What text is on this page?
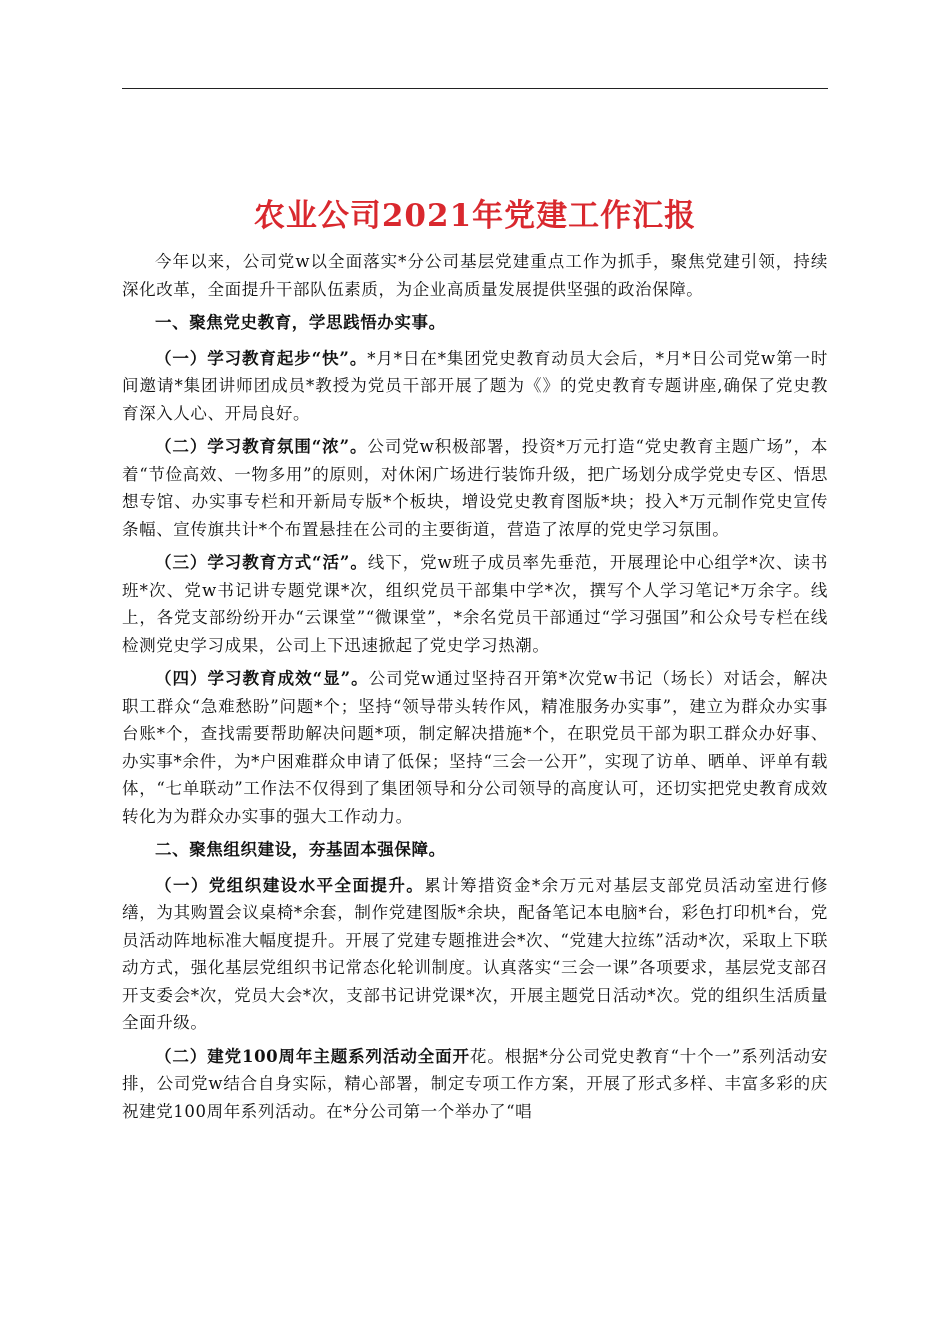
农业公司2021年党建工作汇报

今年以来，公司党w以全面落实*分公司基层党建重点工作为抓手，聚焦党建引领，持续深化改革，全面提升干部队伍素质，为企业高质量发展提供坚强的政治保障。

一、聚焦党史教育，学思践悟办实事。

（一）学习教育起步“快”。*月*日在*集团党史教育动员大会后，*月*日公司党w第一时间邀请*集团讲师团成员*教授为党员干部开展了题为《》的党史教育专题讲座,确保了党史教育深入人心、开局良好。

（二）学习教育氛围“浓”。公司党w积极部署，投资*万元打造“党史教育主题广场”，本着“节俭高效、一物多用”的原则，对休闲广场进行装饰升级，把广场划分成学党史专区、悟思想专馆、办实事专栏和开新局专版*个板块，增设党史教育图版*块；投入*万元制作党史宣传条幅、宣传旗共计*个布置悬挂在公司的主要街道，营造了浓厚的党史学习氛围。

（三）学习教育方式“活”。线下，党w班子成员率先垂范，开展理论中心组学*次、读书班*次、党w书记讲专题党课*次，组织党员干部集中学*次，撰写个人学习笔记*万余字。线上，各党支部纷纷开办“云课堂”“微课堂”，*余名党员干部通过“学习强国”和公众号专栏在线检测党史学习成果，公司上下迅速掀起了党史学习热潮。

（四）学习教育成效“显”。公司党w通过坚持召开第*次党w书记（场长）对话会，解决职工群众“急难愁盼”问题*个；坚持“领导带头转作风，精准服务办实事”，建立为群众办实事台账*个，查找需要帮助解决问题*项，制定解决措施*个，在职党员干部为职工群众办好事、办实事*余件，为*户困难群众申请了低保；坚持“三会一公开”，实现了访单、晒单、评单有载体，“七单联动”工作法不仅得到了集团领导和分公司领导的高度认可，还切实把党史教育成效转化为为群众办实事的强大工作动力。

二、聚焦组织建设，夯基固本强保障。

（一）党组织建设水平全面提升。累计筹措资金*余万元对基层支部党员活动室进行修缮，为其购置会议桌椅*余套，制作党建图版*余块，配备笔记本电脑*台，彩色打印机*台，党员活动阵地标准大幅度提升。开展了党建专题推进会*次、“党建大拉练”活动*次，采取上下联动方式，强化基层党组织书记常态化轮训制度。认真落实“三会一课”各项要求，基层党支部召开支委会*次，党员大会*次，支部书记讲党课*次，开展主题党日活动*次。党的组织生活质量全面升级。

（二）建党100周年主题系列活动全面开花。根据*分公司党史教育“十个一”系列活动安排，公司党w结合自身实际，精心部署，制定专项工作方案，开展了形式多样、丰富多彩的庆祝建党100周年系列活动。在*分公司第一个举办了“唱
